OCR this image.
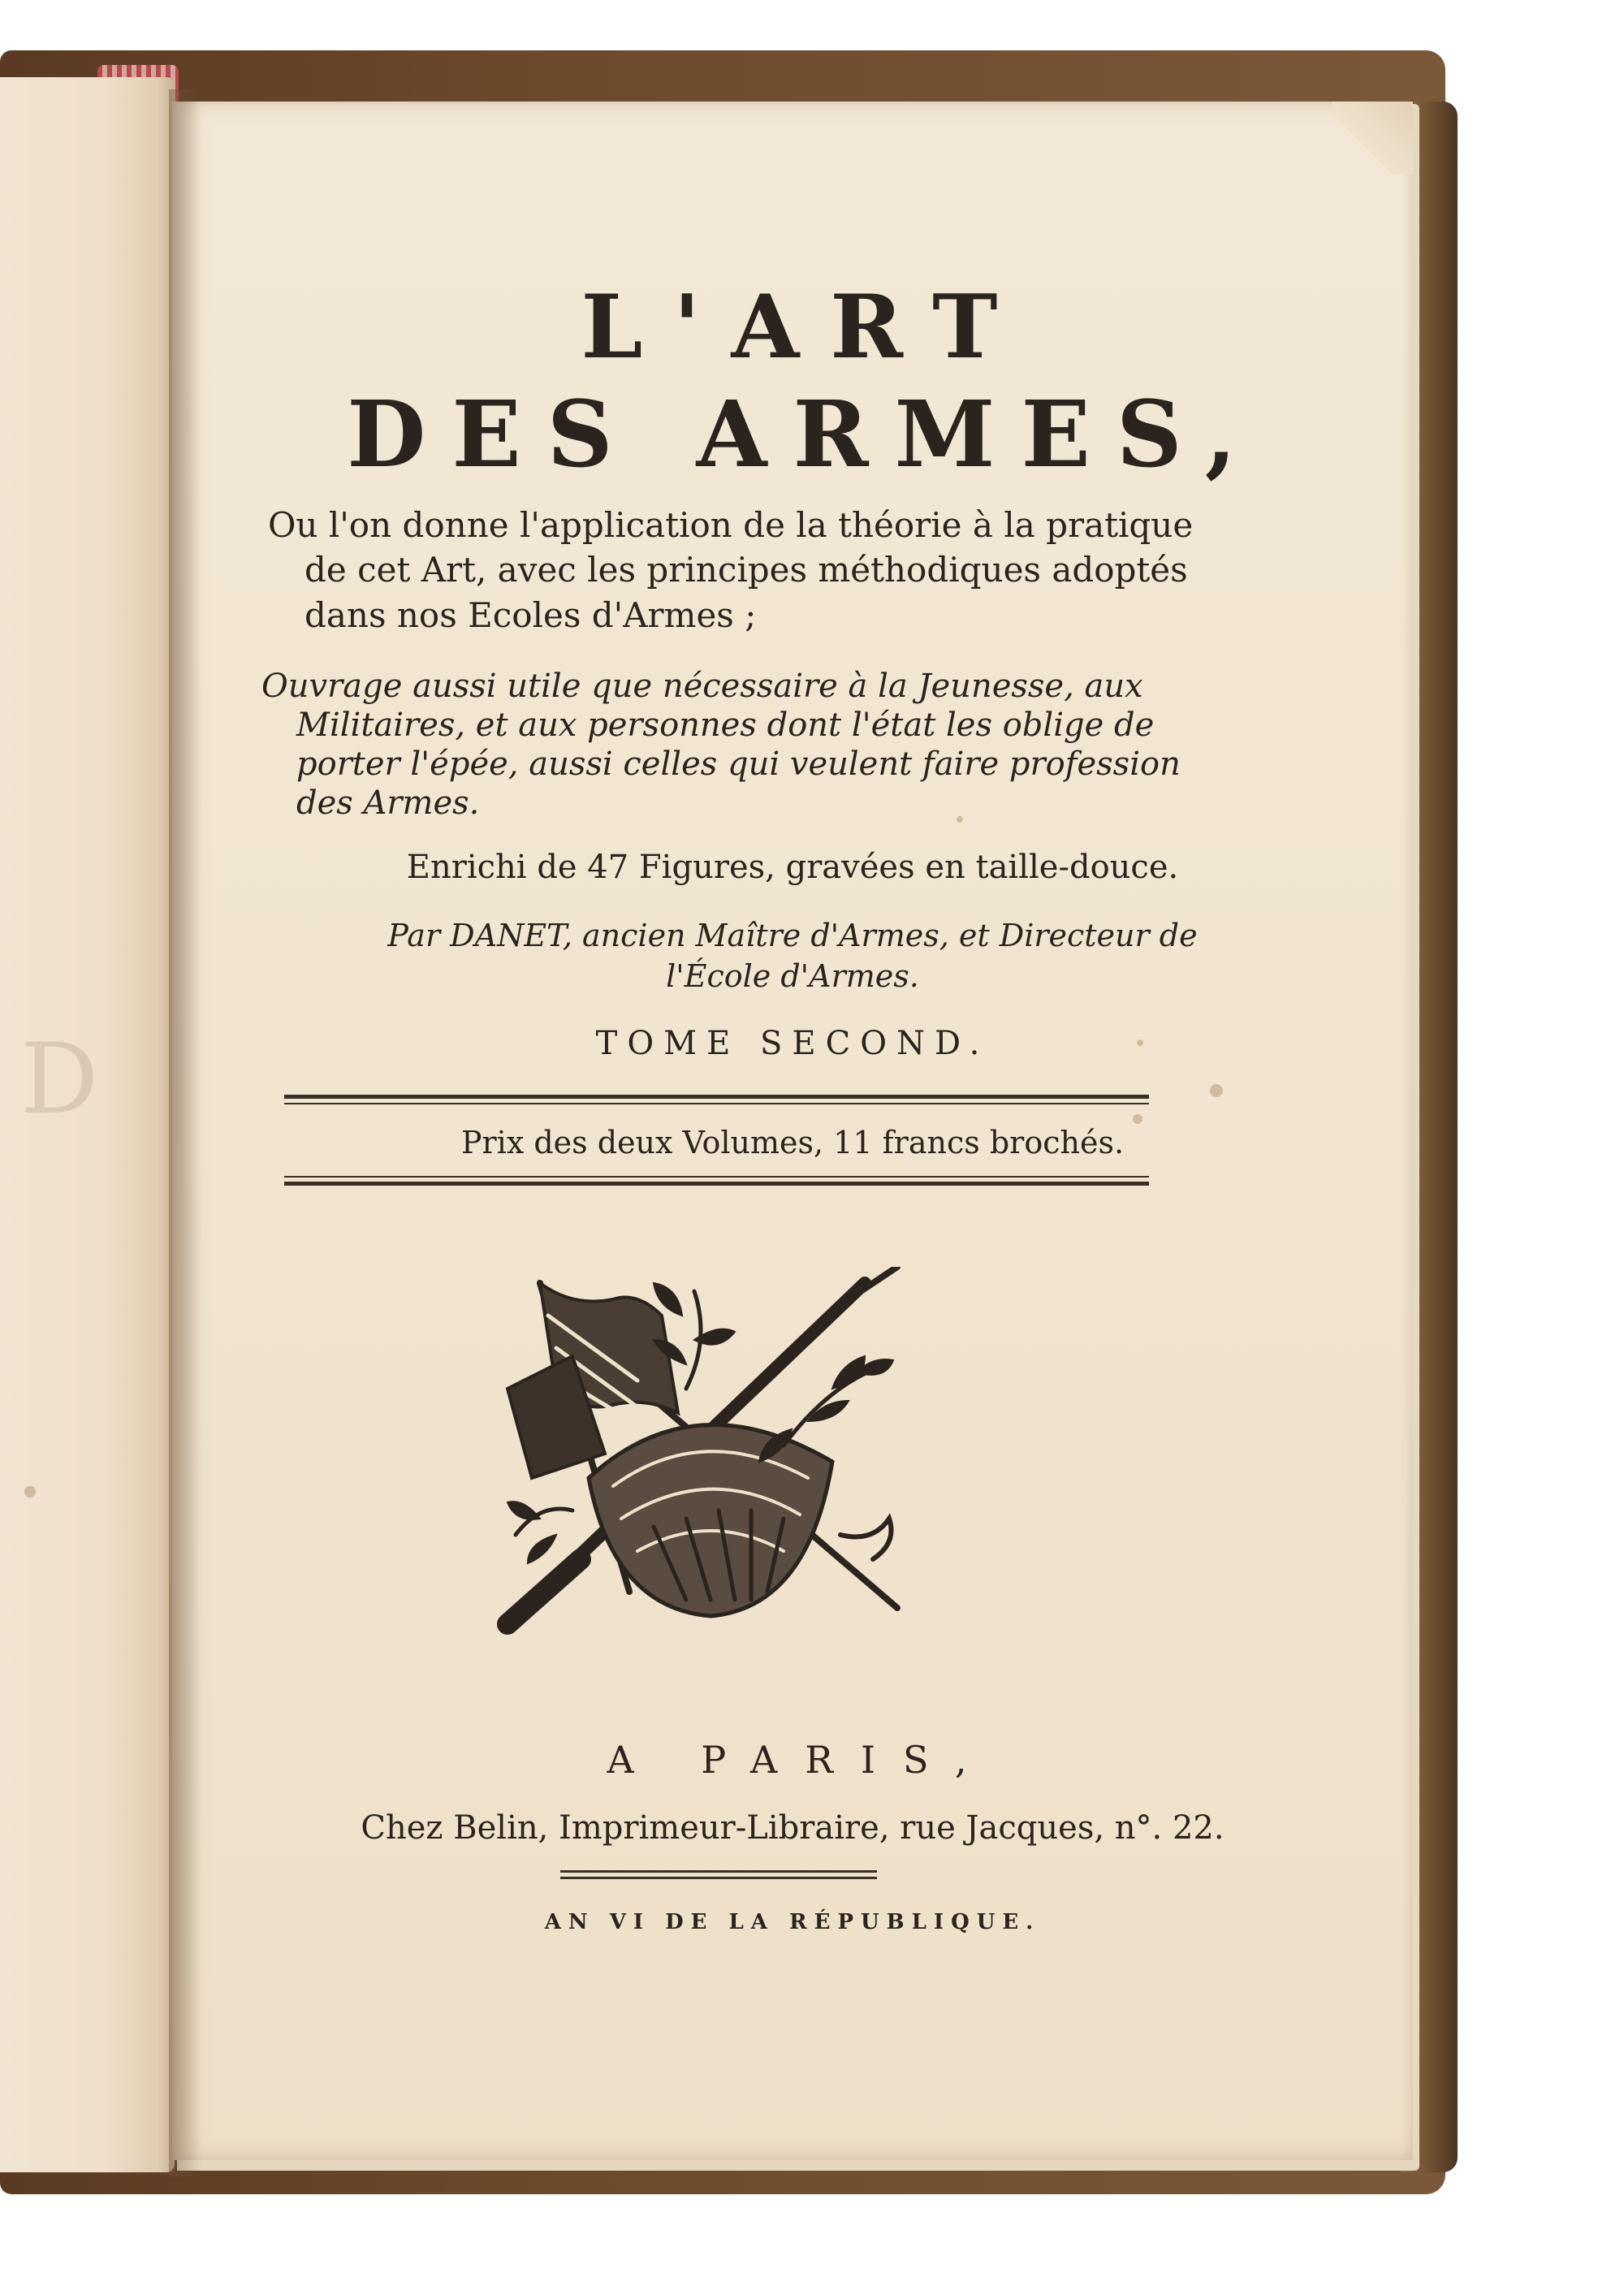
D
L'ART
DES ARMES,
Ou l'on donne l'application de la théorie à la pratique
de cet Art, avec les principes méthodiques adoptés
dans nos Ecoles d'Armes ;
Ouvrage aussi utile que nécessaire à la Jeunesse, aux
Militaires, et aux personnes dont l'état les oblige de
porter l'épée, aussi celles qui veulent faire profession
des Armes.
Enrichi de 47 Figures, gravées en taille-douce.
Par DANET, ancien Maître d'Armes, et Directeur de
l'École d'Armes.
TOME SECOND.
Prix des deux Volumes, 11 francs brochés.
A PARIS,
Chez Belin, Imprimeur-Libraire, rue Jacques, n°. 22.
AN VI DE LA RÉPUBLIQUE.
